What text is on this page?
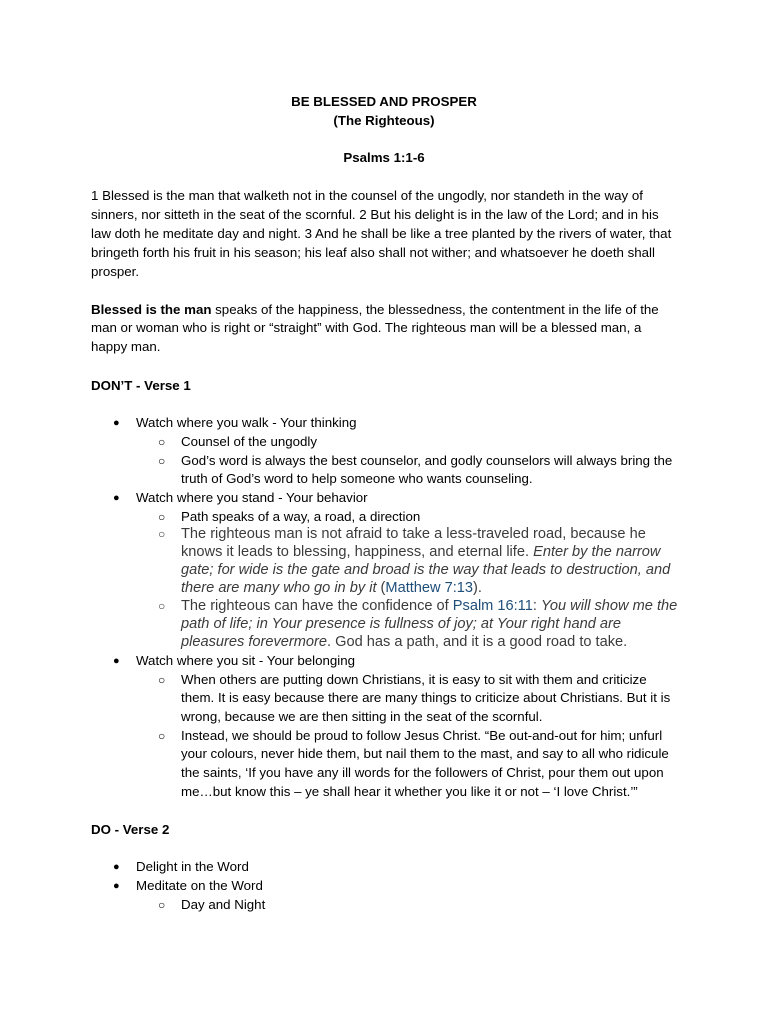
BE BLESSED AND PROSPER
(The Righteous)
Psalms 1:1-6

1 Blessed is the man that walketh not in the counsel of the ungodly, nor standeth in the way of sinners, nor sitteth in the seat of the scornful. 2 But his delight is in the law of the Lord; and in his law doth he meditate day and night. 3 And he shall be like a tree planted by the rivers of water, that bringeth forth his fruit in his season; his leaf also shall not wither; and whatsoever he doeth shall prosper.

Blessed is the man speaks of the happiness, the blessedness, the contentment in the life of the man or woman who is right or “straight” with God. The righteous man will be a blessed man, a happy man.

DON’T - Verse 1
● Watch where you walk - Your thinking
○ Counsel of the ungodly
○ God’s word is always the best counselor, and godly counselors will always bring the truth of God’s word to help someone who wants counseling.
● Watch where you stand - Your behavior
○ Path speaks of a way, a road, a direction
○ The righteous man is not afraid to take a less-traveled road, because he knows it leads to blessing, happiness, and eternal life. Enter by the narrow gate; for wide is the gate and broad is the way that leads to destruction, and there are many who go in by it (Matthew 7:13).
○ The righteous can have the confidence of Psalm 16:11: You will show me the path of life; in Your presence is fullness of joy; at Your right hand are pleasures forevermore. God has a path, and it is a good road to take.
● Watch where you sit - Your belonging
○ When others are putting down Christians, it is easy to sit with them and criticize them. It is easy because there are many things to criticize about Christians. But it is wrong, because we are then sitting in the seat of the scornful.
○ Instead, we should be proud to follow Jesus Christ. “Be out-and-out for him; unfurl your colours, never hide them, but nail them to the mast, and say to all who ridicule the saints, ‘If you have any ill words for the followers of Christ, pour them out upon me…but know this – ye shall hear it whether you like it or not – ‘I love Christ.’”
DO - Verse 2
● Delight in the Word
● Meditate on the Word
○ Day and Night
